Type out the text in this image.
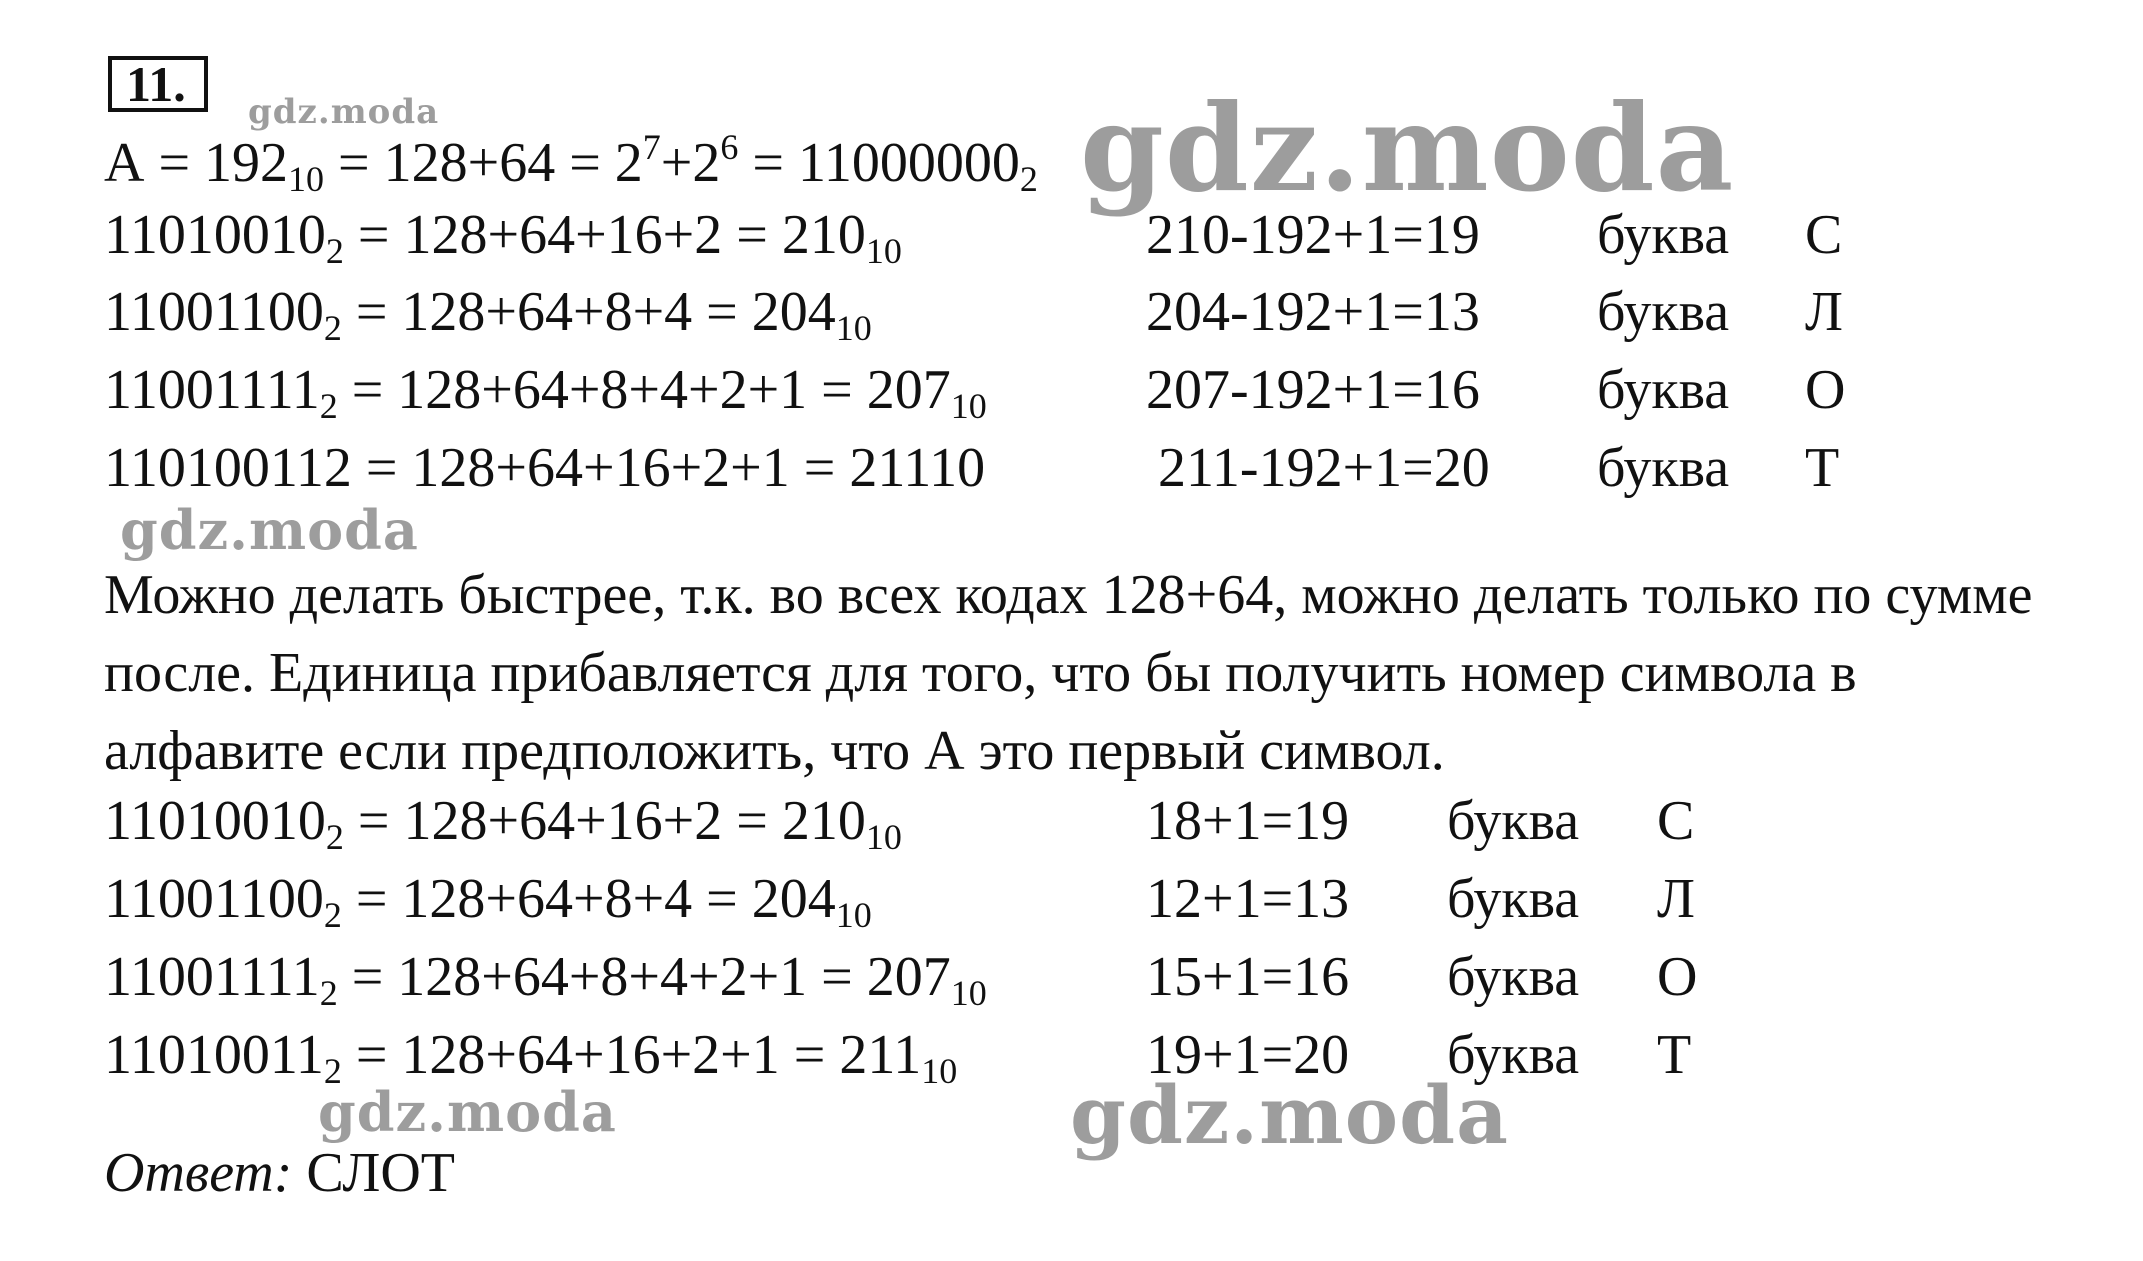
11.
$А = 192_{10} = 128+64 = 2^7+2^6 = 11000000_2$
$11010010_2 = 128+64+16+2 = 210_{10}$	210-192+1=19 буква С
$11001100_2 = 128+64+8+4 = 204_{10}$	204-192+1=13 буква Л
$11001111_2 = 128+64+8+4+2+1 = 207_{10}$	207-192+1=16 буква О
110100112 = 128+64+16+2+1 = 21110	211-192+1=20 буква Т
Можно делать быстрее, т.к. во всех кодах 128+64, можно делать только по сумме после. Единица прибавляется для того, что бы получить номер символа в алфавите если предположить, что А это первый символ.
$11010010_2 = 128+64+16+2 = 210_{10}$	18+1=19 буква С
$11001100_2 = 128+64+8+4 = 204_{10}$	12+1=13 буква Л
$11001111_2 = 128+64+8+4+2+1 = 207_{10}$	15+1=16 буква О
$11010011_2 = 128+64+16+2+1 = 211_{10}$	19+1=20 буква Т
Ответ: СЛОТ
gdz.moda	gdz.moda
gdz.moda
gdz.moda	gdz.moda
